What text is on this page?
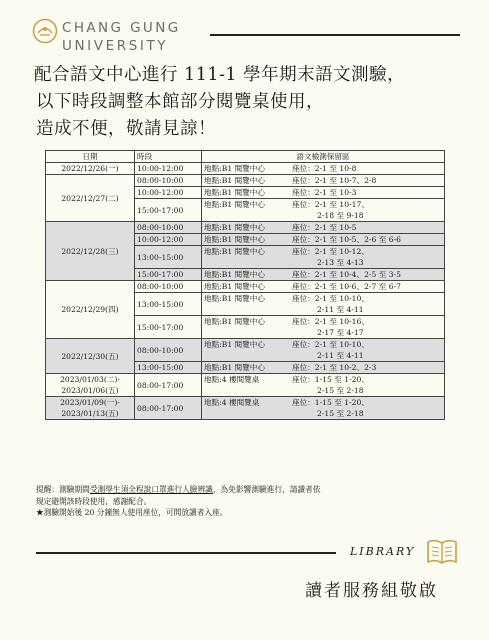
CHANG GUNG
UNIVERSITY
配合語文中心進行 111-1 學年期末語文測驗，
以下時段調整本館部分閱覽桌使用，
造成不便，敬請見諒！
日期	時段	語文檢測保留區
2022/12/26(一)	10:00-12:00	地點:B1 閱覽中心 座位：2-1 至 10-8
2022/12/27(二)	08:00-10:00	地點:B1 閱覽中心 座位：2-1 至 10-7、2-8
	10:00-12:00	地點:B1 閱覽中心 座位：2-1 至 10-3
	15:00-17:00	地點:B1 閱覽中心 座位：2-1 至 10-17、
2-18 至 9-18

2022/12/28(三)	08:00-10:00	地點:B1 閱覽中心 座位：2-1 至 10-5
	10:00-12:00	地點:B1 閱覽中心 座位：2-1 至 10-5、2-6 至 6-6
	13:00-15:00	地點:B1 閱覽中心 座位：2-1 至 10-12、
2-13 至 4-13

	15:00-17:00	地點:B1 閱覽中心 座位：2-1 至 10-4、2-5 至 3-5
2022/12/29(四)	08:00-10:00	地點:B1 閱覽中心 座位：2-1 至 10-6、2-7 至 6-7
	13:00-15:00	地點:B1 閱覽中心 座位：2-1 至 10-10、
2-11 至 4-11

	15:00-17:00	地點:B1 閱覽中心 座位：2-1 至 10-16、
2-17 至 4-17

2022/12/30(五)	08:00-10:00	地點:B1 閱覽中心 座位：2-1 至 10-10、
2-11 至 4-11

	13:00-15:00	地點:B1 閱覽中心 座位：2-1 至 10-2、2-3
2023/01/03(二)-
2023/01/06(五)	08:00-17:00	地點:4 樓閱覽桌 座位：1-15 至 1-20、
2-15 至 2-18

2023/01/09(一)-
2023/01/13(五)	08:00-17:00	地點:4 樓閱覽桌 座位：1-15 至 1-20、
2-15 至 2-18
提醒：測驗期間受測學生須全程說口罩進行人臉辨識，為免影響測驗進行，請讀者依
規定避開該時段使用，感謝配合。
★測驗開始後 20 分鐘無人使用座位，可開放讀者入座。
LIBRARY
讀者服務組敬啟
